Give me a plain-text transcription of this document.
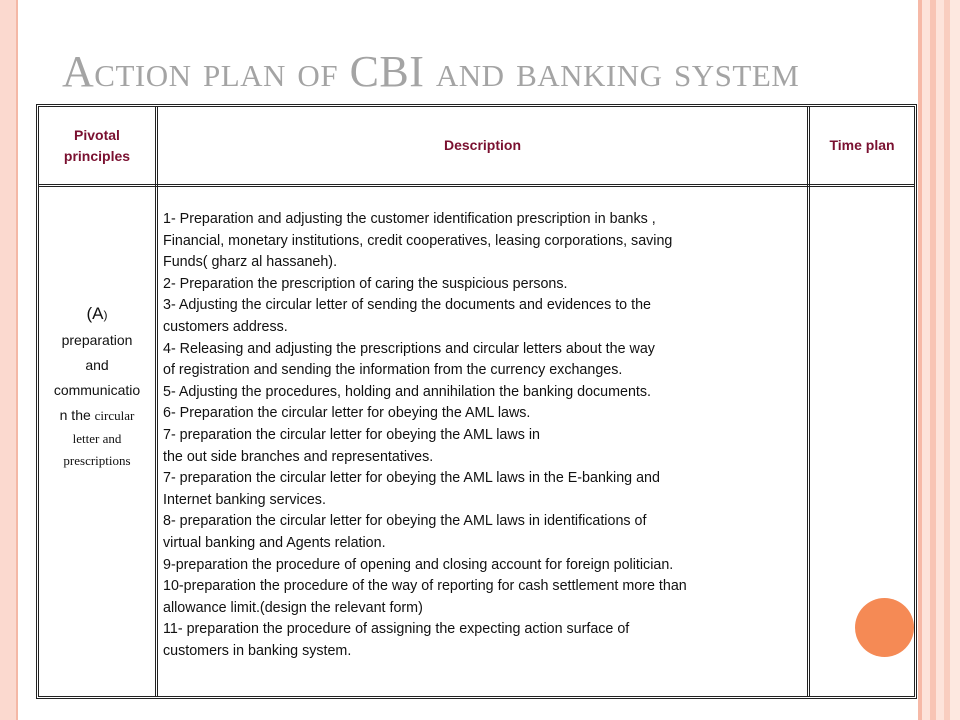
Action plan of CBI and banking system
Pivotal
principles
Description	Time plan
(A)
preparation
and
communicatio
n the circular
letter and
prescriptions
1- Preparation and adjusting the customer identification prescription in banks ,
Financial, monetary institutions, credit cooperatives, leasing corporations, saving
Funds( gharz al hassaneh).
2- Preparation the prescription of caring the suspicious persons.
3- Adjusting the circular letter of sending the documents and evidences to the
customers address.
4- Releasing and adjusting the prescriptions and circular letters about the way
of registration and sending the information from the currency exchanges.
5- Adjusting the procedures, holding and annihilation the banking documents.
6- Preparation the circular letter for obeying the AML laws.
7- preparation the circular letter for obeying the AML laws in
the out side branches and representatives.
7- preparation the circular letter for obeying the AML laws in the E-banking and
Internet banking services.
8- preparation the circular letter for obeying the AML laws in identifications of
virtual banking and Agents relation.
9-preparation the procedure of opening and closing account for foreign politician.
10-preparation the procedure of the way of reporting for cash settlement more than
allowance limit.(design the relevant form)
11- preparation the procedure of assigning the expecting action surface of
customers in banking system.
